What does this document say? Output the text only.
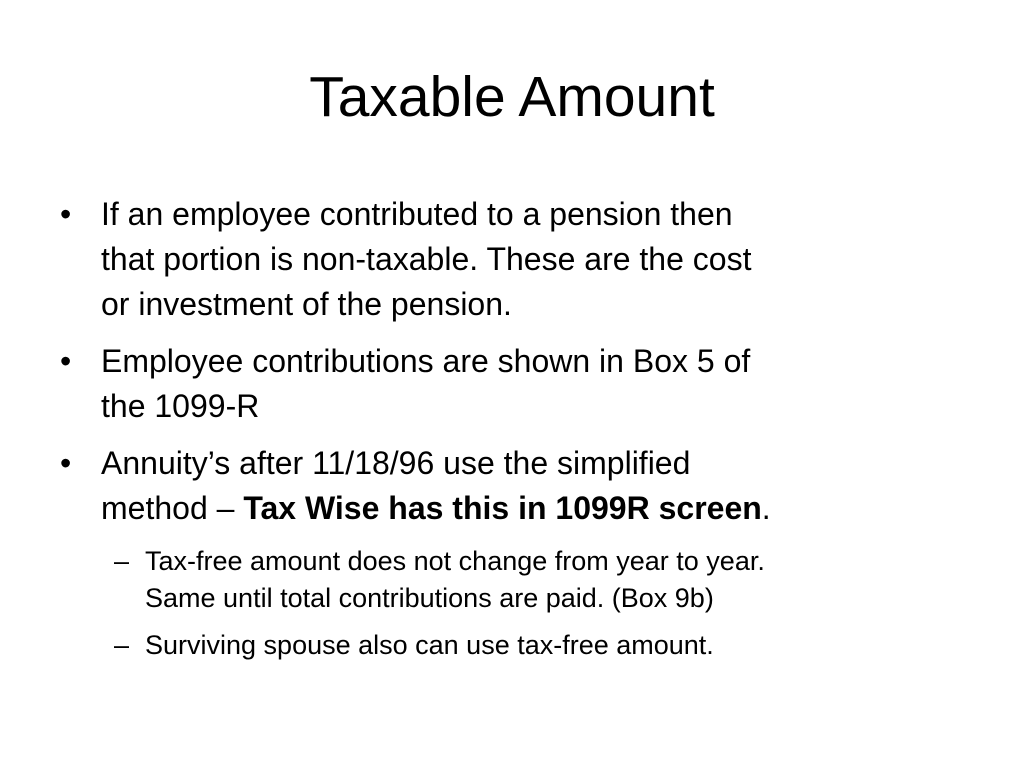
Taxable Amount
• If an employee contributed to a pension then
that portion is non-taxable. These are the cost
or investment of the pension.
• Employee contributions are shown in Box 5 of
the 1099-R
• Annuity’s after 11/18/96 use the simplified
method – Tax Wise has this in 1099R screen.
– Tax-free amount does not change from year to year.
Same until total contributions are paid. (Box 9b)
– Surviving spouse also can use tax-free amount.
